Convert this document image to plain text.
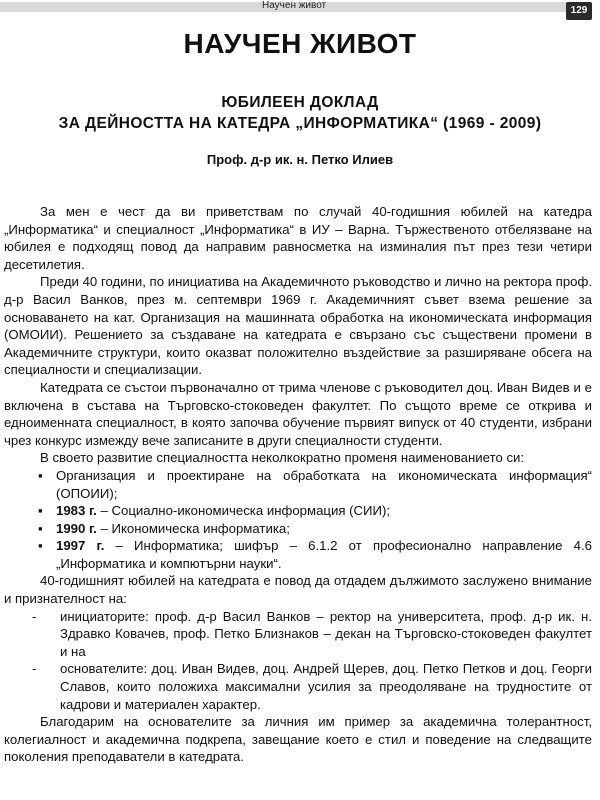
Научен живот	129
НАУЧЕН ЖИВОТ
ЮБИЛЕЕН ДОКЛАД
ЗА ДЕЙНОСТТА НА КАТЕДРА „ИНФОРМАТИКА“ (1969 - 2009)

Проф. д-р ик. н. Петко Илиев

За мен е чест да ви приветствам по случай 40-годишния юбилей на катедра „Информатика“ и специалност „Информатика“ в ИУ – Варна. Тържественото отбелязване на юбилея е подходящ повод да направим равносметка на изминалия път през тези четири десетилетия.

Преди 40 години, по инициатива на Академичното ръководство и лично на ректора проф. д-р Васил Ванков, през м. септември 1969 г. Академичният съвет взема решение за основаването на кат. Организация на машинната обработка на икономическата информация (ОМОИИ). Решението за създаване на катедрата е свързано със съществени промени в Академичните структури, които оказват положително въздействие за разширяване обсега на специалности и специализации.

Катедрата се състои първоначално от трима членове с ръководител доц. Иван Видев и е включена в състава на Търговско-стоковеден факултет. По същото време се открива и едноименната специалност, в която започва обучение първият випуск от 40 студенти, избрани чрез конкурс измежду вече записаните в други специалности студенти.

В своето развитие специалността неколкократно променя наименованието си:

▪ Организация и проектиране на обработката на икономическата информация“ (ОПОИИ);
▪ 1983 г. – Социално-икономическа информация (СИИ);
▪ 1990 г. – Икономическа информатика;
▪ 1997 г. – Информатика; шифър – 6.1.2 от професионално направление 4.6 „Информатика и компютърни науки“.

40-годишният юбилей на катедрата е повод да отдадем дължимото заслужено внимание и признателност на:

- инициаторите: проф. д-р Васил Ванков – ректор на университета, проф. д-р ик. н. Здравко Ковачев, проф. Петко Близнаков – декан на Търговско-стоковеден факултет и на
- основателите: доц. Иван Видев, доц. Андрей Щерев, доц. Петко Петков и доц. Георги Славов, които положиха максимални усилия за преодоляване на трудностите от кадрови и материален характер.

Благодарим на основателите за личния им пример за академична толерантност, колегиалност и академична подкрепа, завещание което е стил и поведение на следващите поколения преподаватели в катедрата.
